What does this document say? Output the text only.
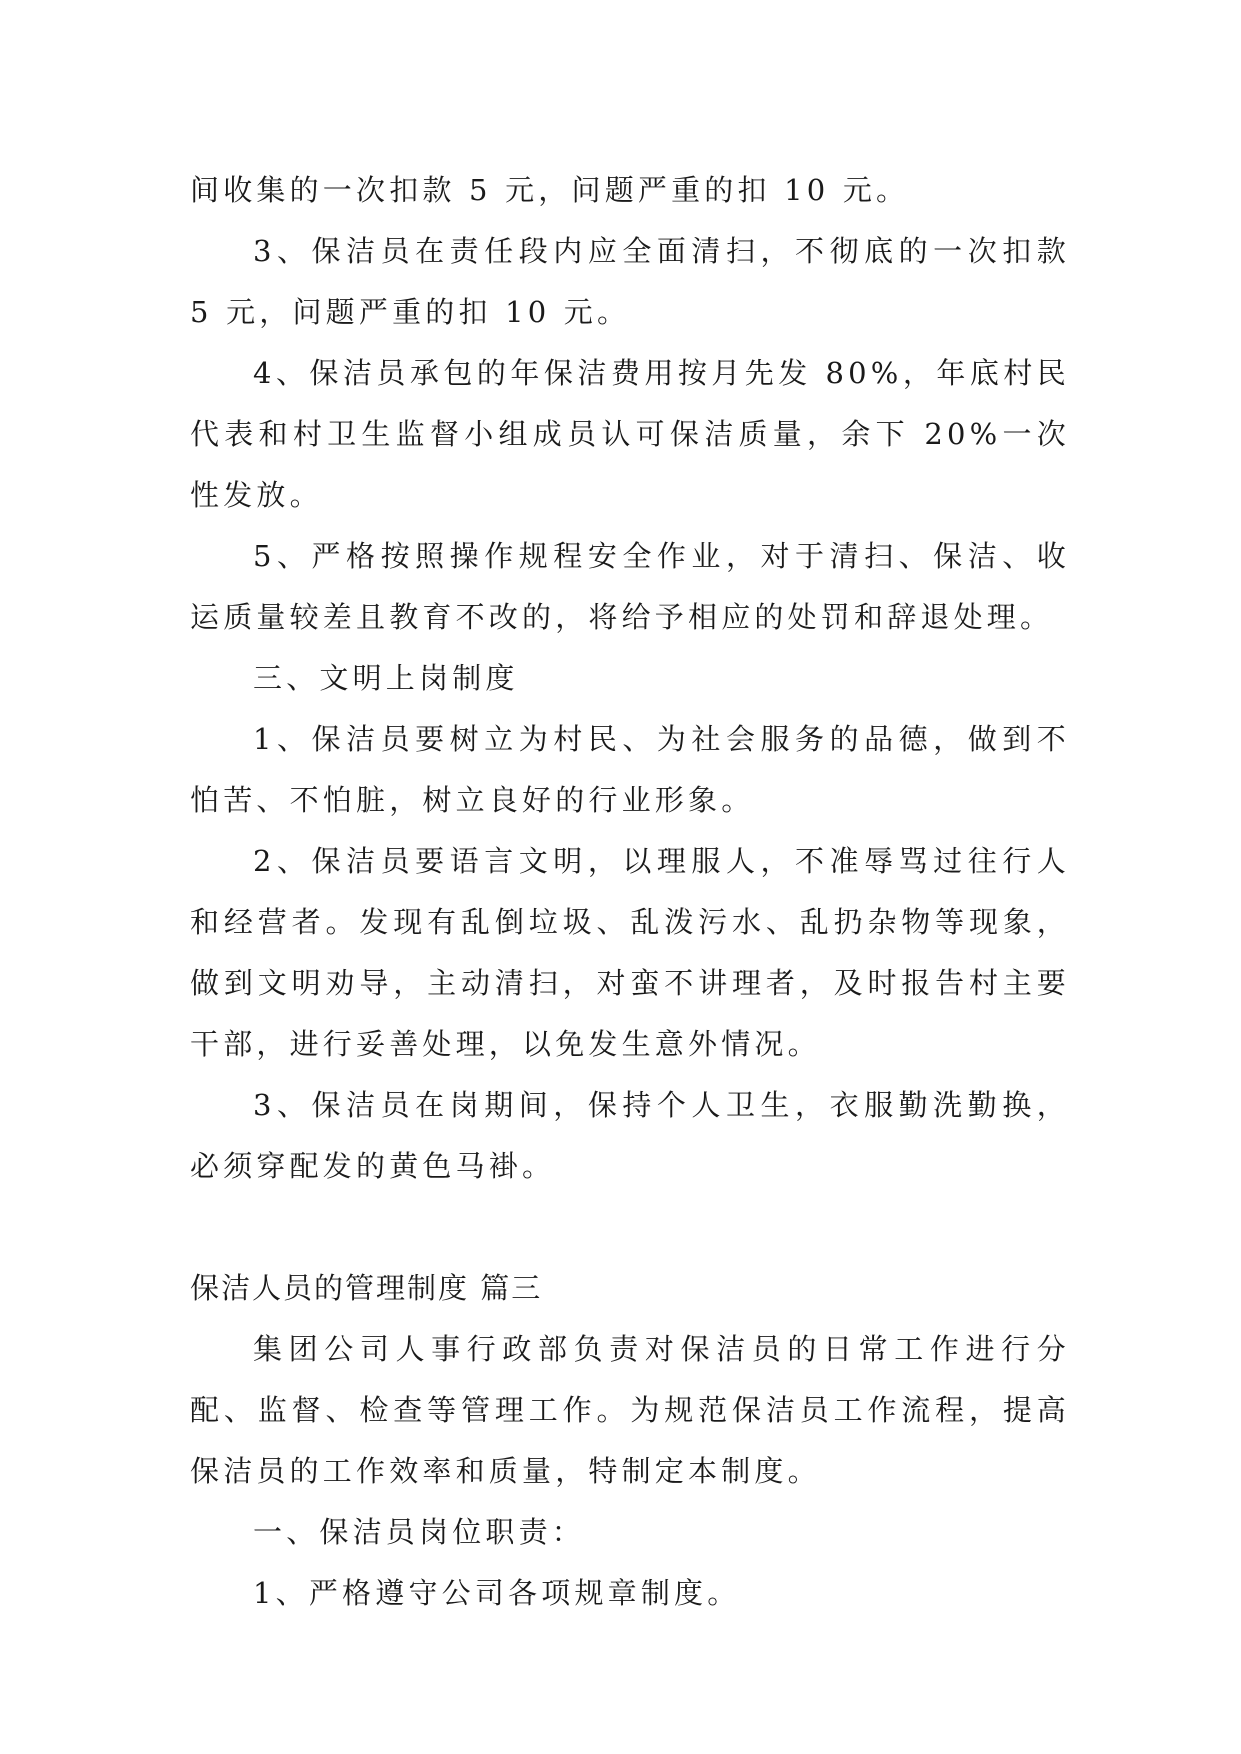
间收集的一次扣款 5 元，问题严重的扣 10 元。

3、保洁员在责任段内应全面清扫，不彻底的一次扣款 5 元，问题严重的扣 10 元。

4、保洁员承包的年保洁费用按月先发 80%，年底村民代表和村卫生监督小组成员认可保洁质量，余下 20%一次性发放。

5、严格按照操作规程安全作业，对于清扫、保洁、收运质量较差且教育不改的，将给予相应的处罚和辞退处理。

三、文明上岗制度

1、保洁员要树立为村民、为社会服务的品德，做到不怕苦、不怕脏，树立良好的行业形象。

2、保洁员要语言文明，以理服人，不准辱骂过往行人和经营者。发现有乱倒垃圾、乱泼污水、乱扔杂物等现象，做到文明劝导，主动清扫，对蛮不讲理者，及时报告村主要干部，进行妥善处理，以免发生意外情况。

3、保洁员在岗期间，保持个人卫生，衣服勤洗勤换，必须穿配发的黄色马褂。

保洁人员的管理制度 篇三

集团公司人事行政部负责对保洁员的日常工作进行分配、监督、检查等管理工作。为规范保洁员工作流程，提高保洁员的工作效率和质量，特制定本制度。

一、保洁员岗位职责：

1、严格遵守公司各项规章制度。
